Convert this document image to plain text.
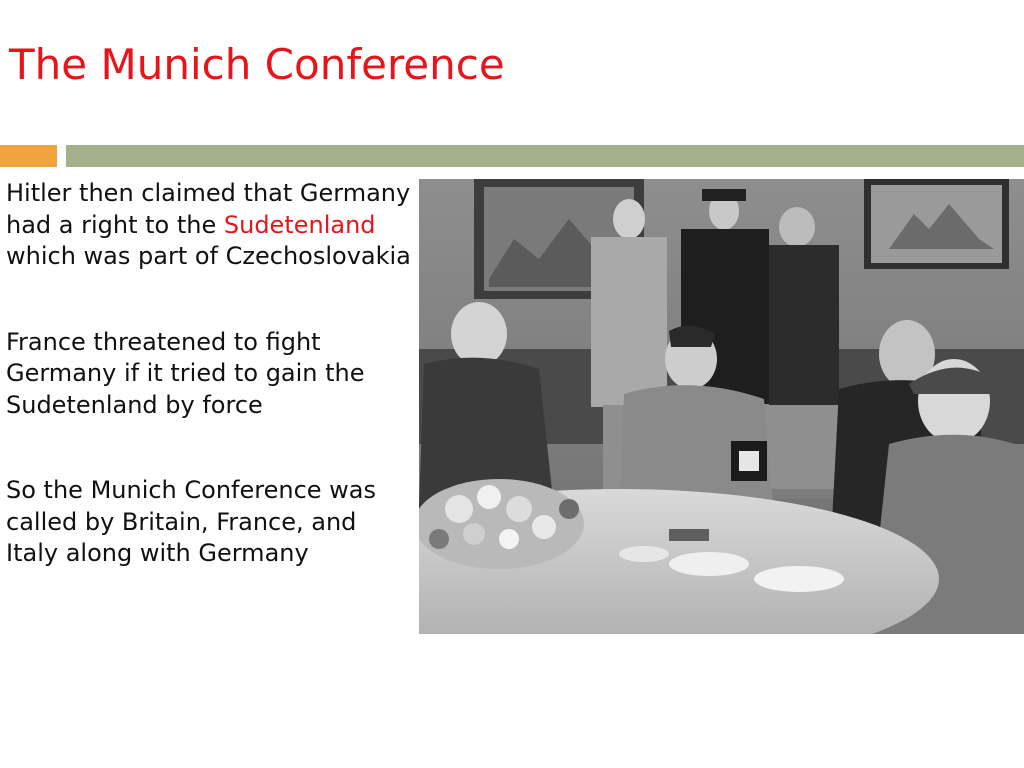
The Munich Conference

Hitler then claimed that Germany had a right to the Sudetenland which was part of Czechoslovakia

France threatened to fight Germany if it tried to gain the Sudetenland by force

So the Munich Conference was called by Britain, France, and Italy along with Germany
